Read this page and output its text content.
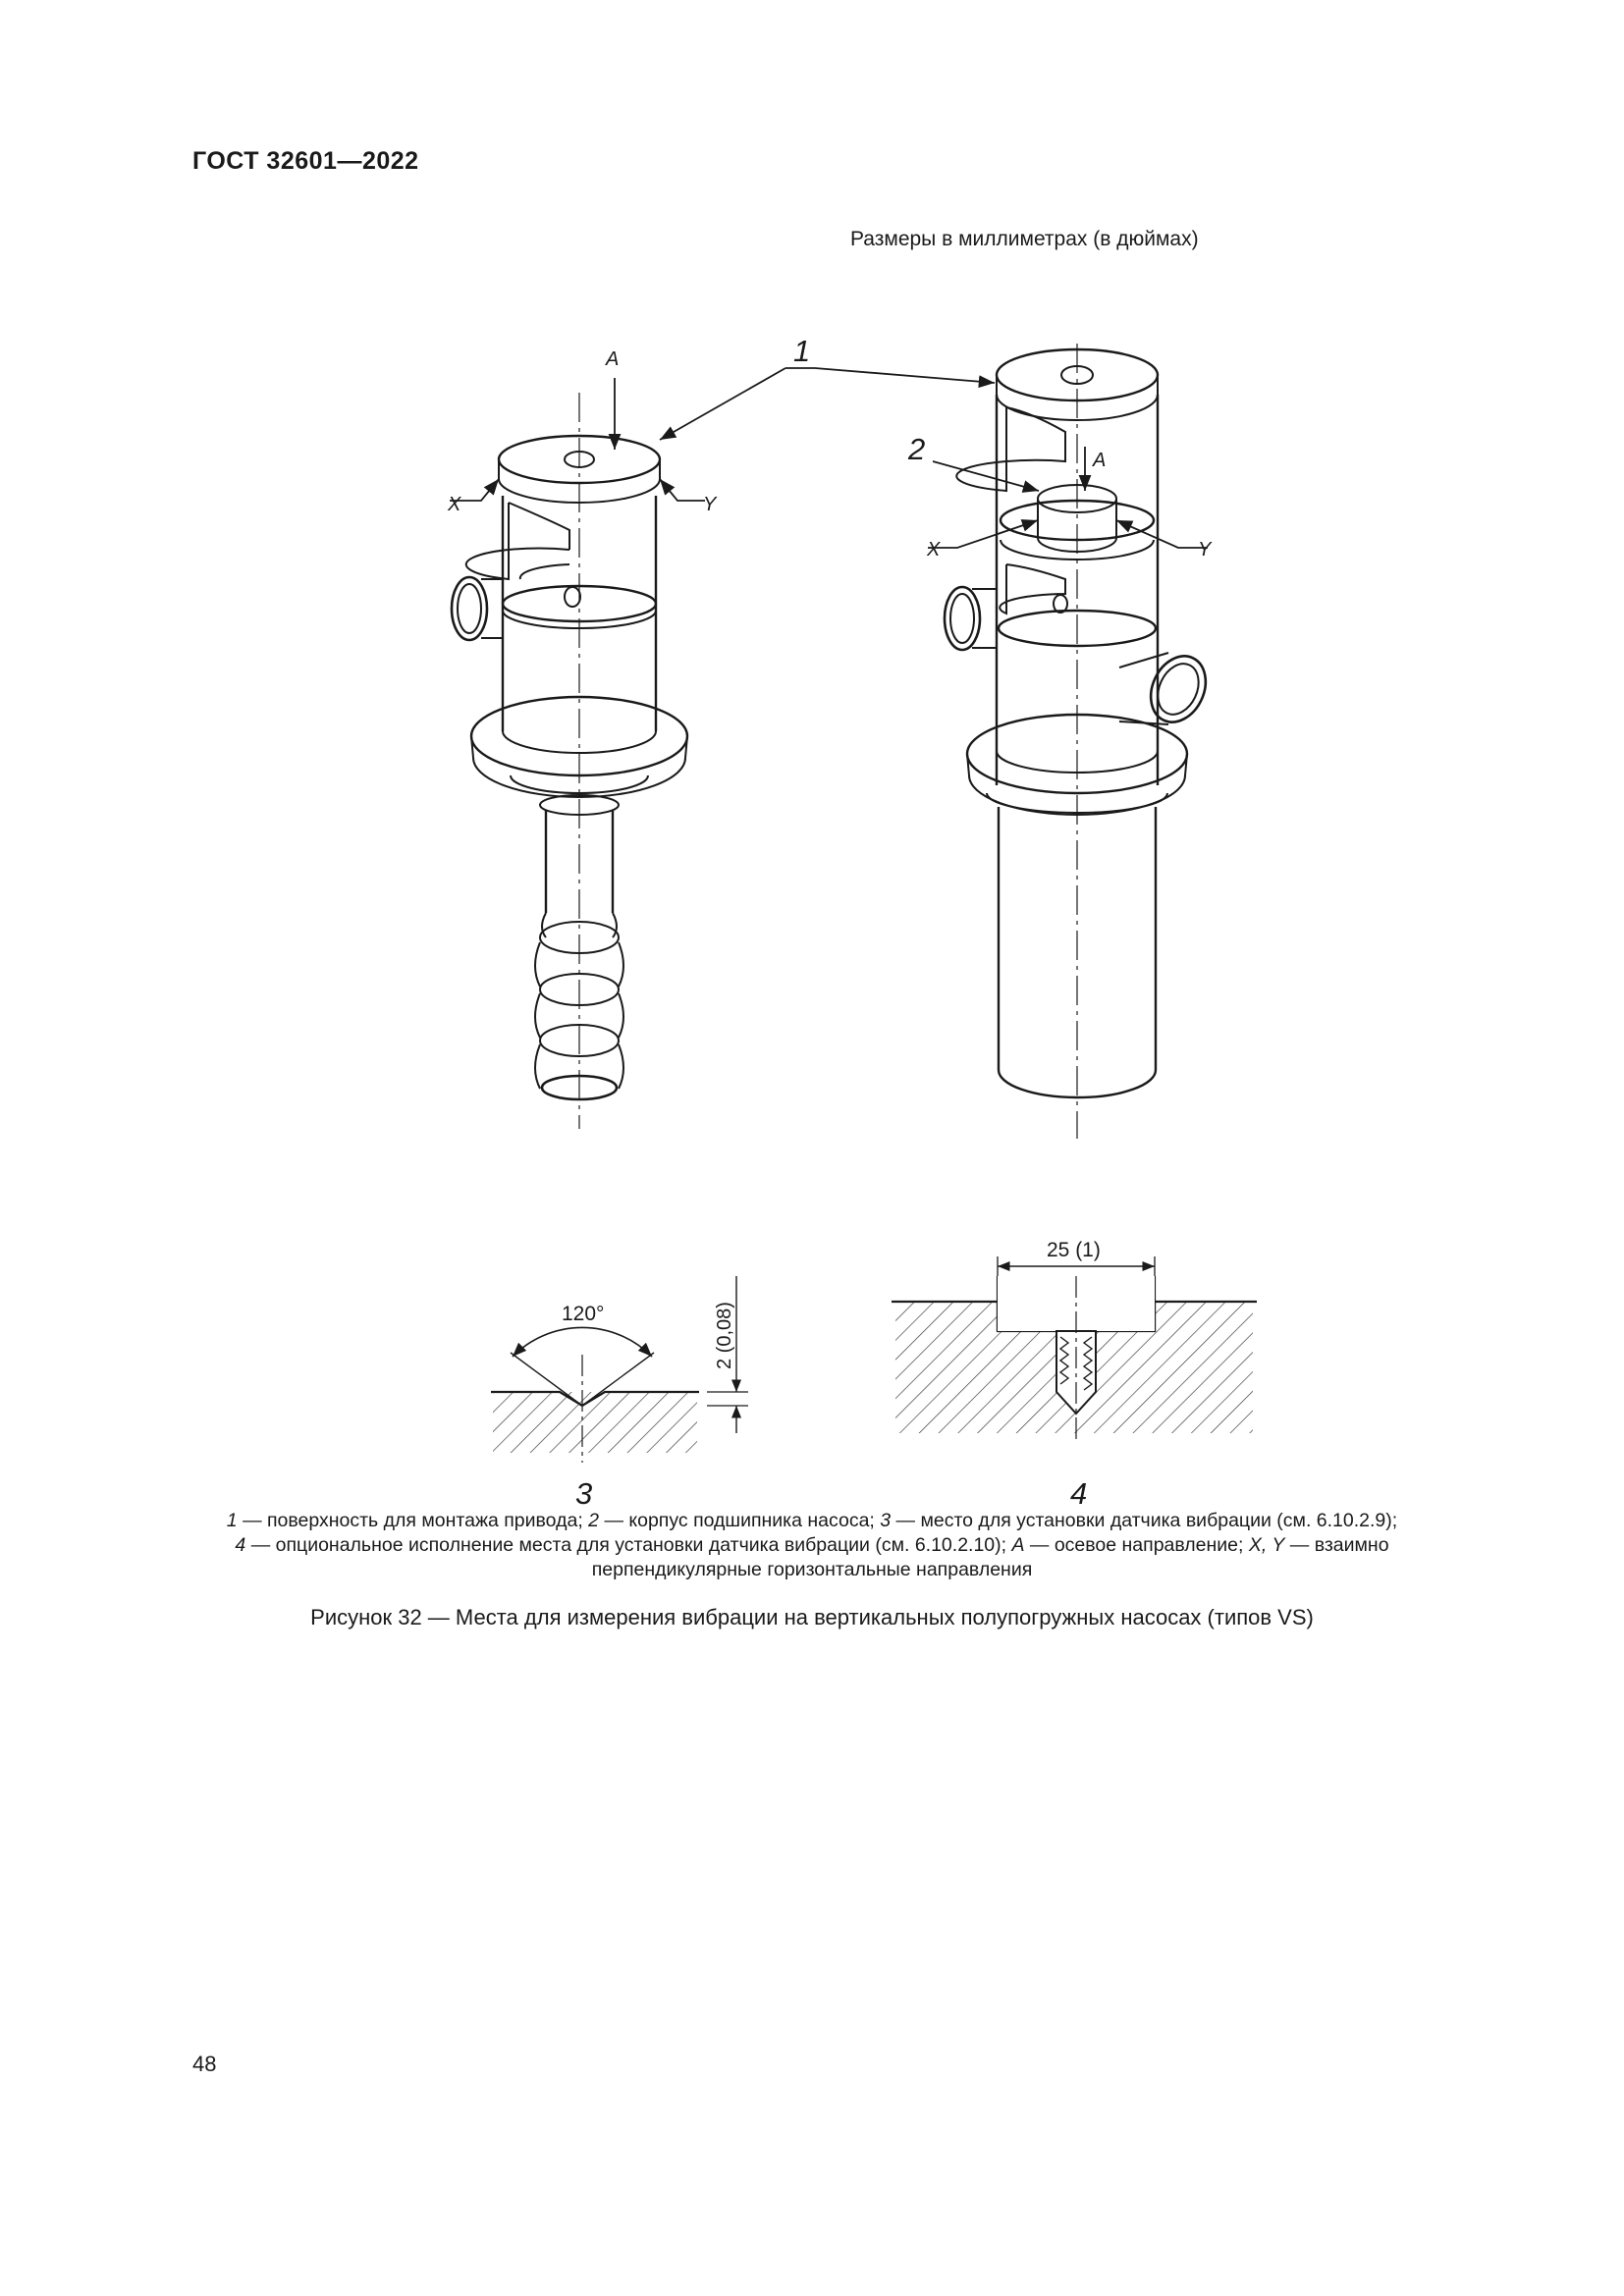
ГОСТ 32601—2022
Размеры в миллиметрах (в дюймах)
1
2
3	4
A
X	Y
A
X	Y
120°	2 (0,08)
25 (1)
1 — поверхность для монтажа привода; 2 — корпус подшипника насоса; 3 — место для установки датчика вибрации (см. 6.10.2.9);
4 — опциональное исполнение места для установки датчика вибрации (см. 6.10.2.10); A — осевое направление; X, Y — взаимно
перпендикулярные горизонтальные направления
Рисунок 32 — Места для измерения вибрации на вертикальных полупогружных насосах (типов VS)
48
